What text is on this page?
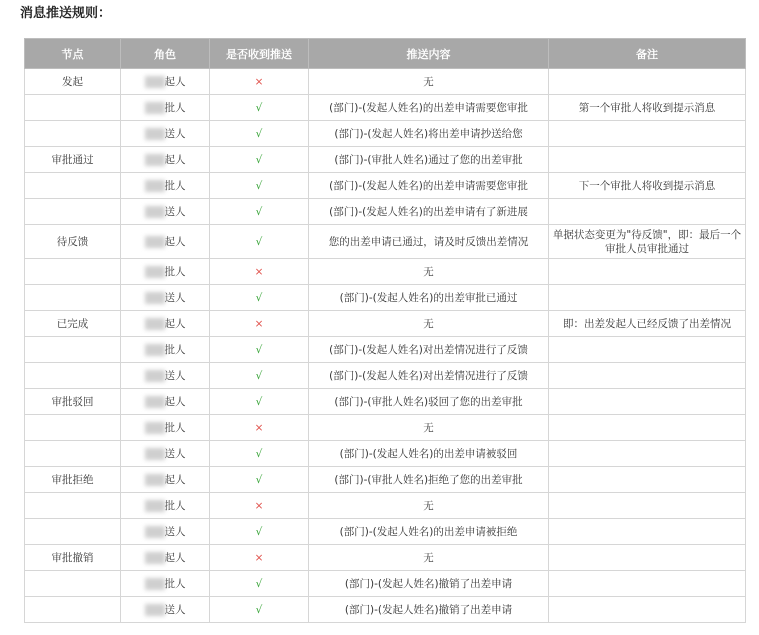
消息推送规则：
节点	角色	是否收到推送	推送内容	备注
发起	起人	×	无	
	批人	√	(部门)-(发起人姓名)的出差申请需要您审批	第一个审批人将收到提示消息
	送人	√	(部门)-(发起人姓名)将出差申请抄送给您	
审批通过	起人	√	(部门)-(审批人姓名)通过了您的出差审批	
	批人	√	(部门)-(发起人姓名)的出差申请需要您审批	下一个审批人将收到提示消息
	送人	√	(部门)-(发起人姓名)的出差申请有了新进展	
待反馈	起人	√	您的出差申请已通过，请及时反馈出差情况	单据状态变更为"待反馈"，即：最后一个审批人员审批通过
	批人	×	无	
	送人	√	(部门)-(发起人姓名)的出差审批已通过	
已完成	起人	×	无	即：出差发起人已经反馈了出差情况
	批人	√	(部门)-(发起人姓名)对出差情况进行了反馈	
	送人	√	(部门)-(发起人姓名)对出差情况进行了反馈	
审批驳回	起人	√	(部门)-(审批人姓名)驳回了您的出差审批	
	批人	×	无	
	送人	√	(部门)-(发起人姓名)的出差申请被驳回	
审批拒绝	起人	√	(部门)-(审批人姓名)拒绝了您的出差审批	
	批人	×	无	
	送人	√	(部门)-(发起人姓名)的出差申请被拒绝	
审批撤销	起人	×	无	
	批人	√	(部门)-(发起人姓名)撤销了出差申请	
	送人	√	(部门)-(发起人姓名)撤销了出差申请	
